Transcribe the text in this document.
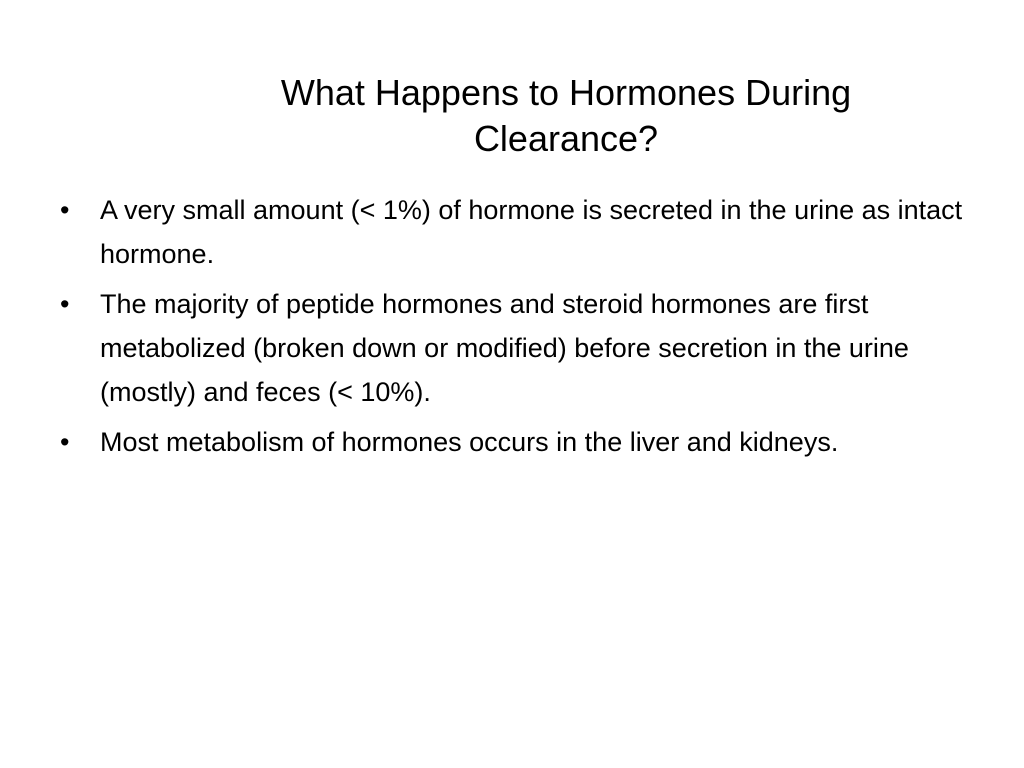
What Happens to Hormones During
Clearance?
• A very small amount (< 1%) of hormone is secreted in the urine as intact hormone.
• The majority of peptide hormones and steroid hormones are first metabolized (broken down or modified) before secretion in the urine (mostly) and feces (< 10%).
• Most metabolism of hormones occurs in the liver and kidneys.
